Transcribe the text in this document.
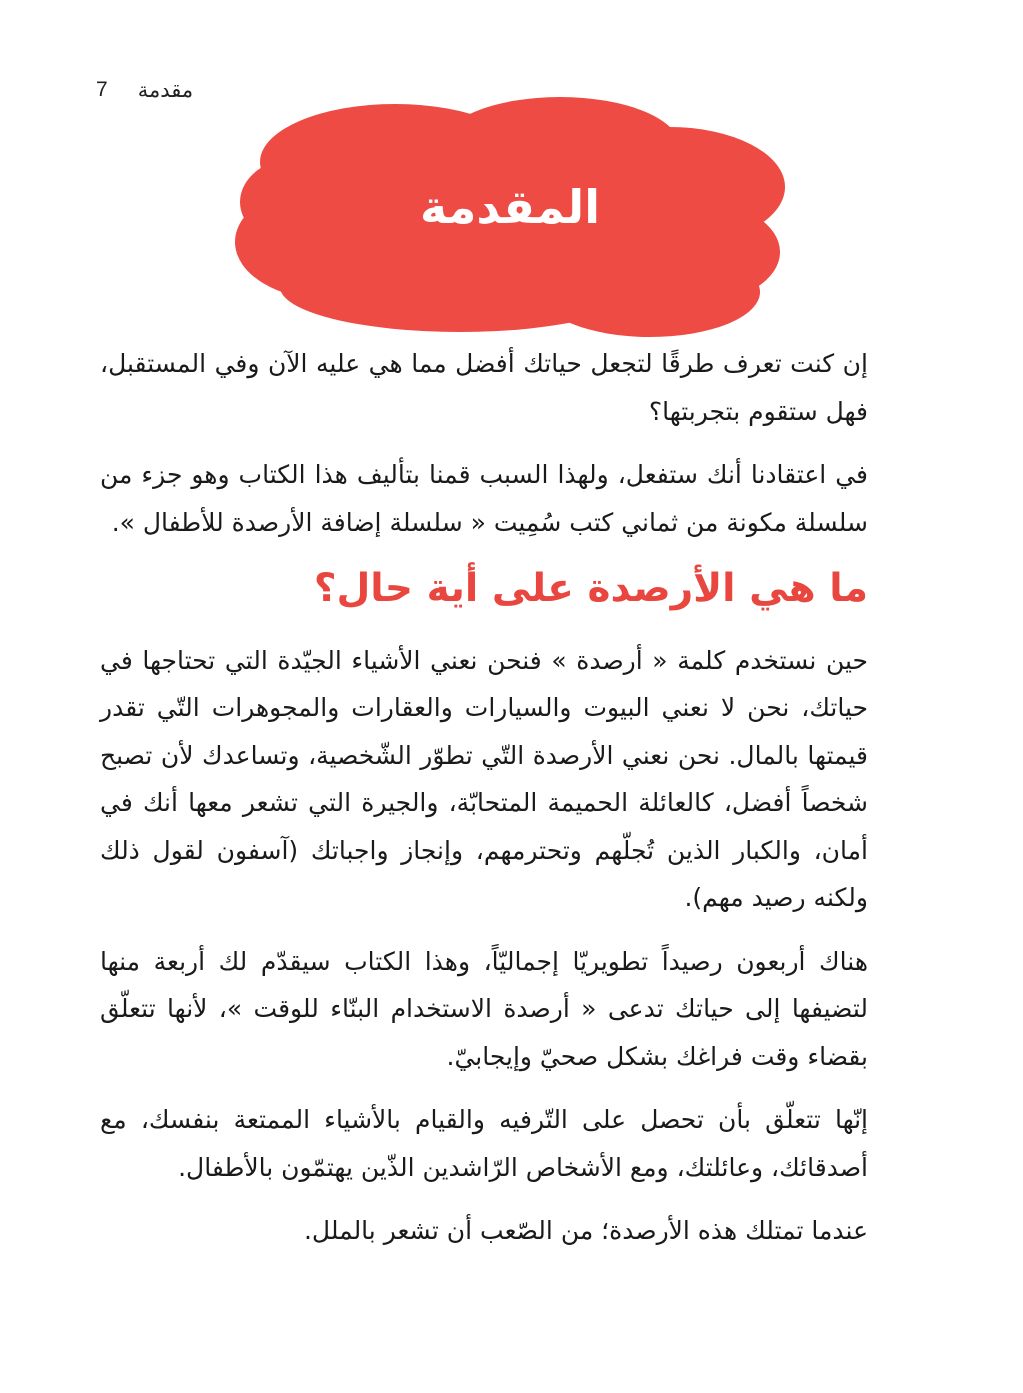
7 مقدمة
المقدمة

إن كنت تعرف طرقًا لتجعل حياتك أفضل مما هي عليه الآن وفي المستقبل، فهل ستقوم بتجربتها؟

في اعتقادنا أنك ستفعل، ولهذا السبب قمنا بتأليف هذا الكتاب وهو جزء من سلسلة مكونة من ثماني كتب سُمِيت « سلسلة إضافة الأرصدة للأطفال ».

ما هي الأرصدة على أية حال؟

حين نستخدم كلمة « أرصدة » فنحن نعني الأشياء الجيّدة التي تحتاجها في حياتك، نحن لا نعني البيوت والسيارات والعقارات والمجوهرات التّي تقدر قيمتها بالمال. نحن نعني الأرصدة التّي تطوّر الشّخصية، وتساعدك لأن تصبح شخصاً أفضل، كالعائلة الحميمة المتحابّة، والجيرة التي تشعر معها أنك في أمان، والكبار الذين تُجلّهم وتحترمهم، وإنجاز واجباتك (آسفون لقول ذلك ولكنه رصيد مهم).

هناك أربعون رصيداً تطويريّا إجماليّاً، وهذا الكتاب سيقدّم لك أربعة منها لتضيفها إلى حياتك تدعى « أرصدة الاستخدام البنّاء للوقت »، لأنها تتعلّق بقضاء وقت فراغك بشكل صحيّ وإيجابيّ.

إنّها تتعلّق بأن تحصل على التّرفيه والقيام بالأشياء الممتعة بنفسك، مع أصدقائك، وعائلتك، ومع الأشخاص الرّاشدين الذّين يهتمّون بالأطفال.

عندما تمتلك هذه الأرصدة؛ من الصّعب أن تشعر بالملل.
